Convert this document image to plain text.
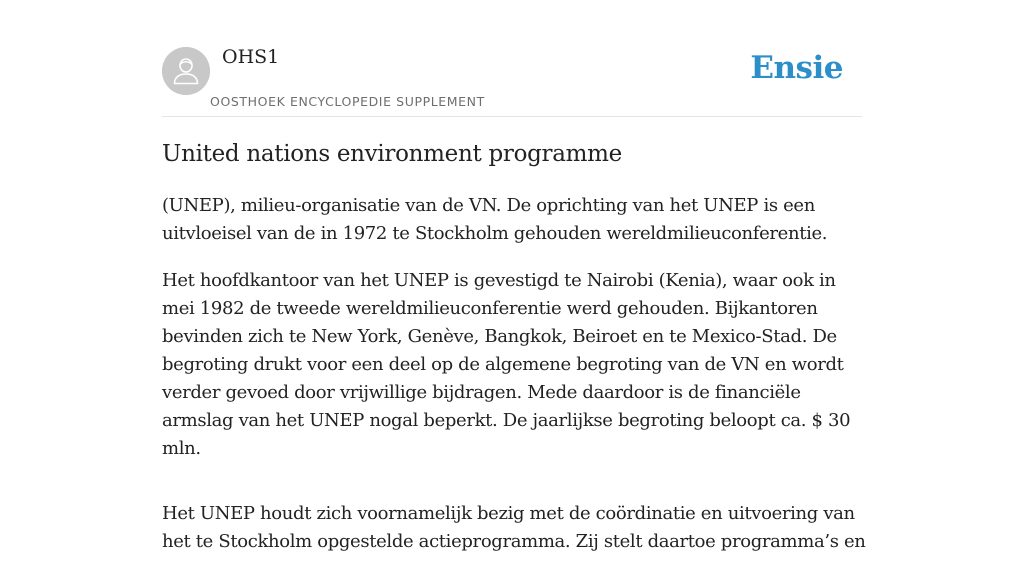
OHS1
OOSTHOEK ENCYCLOPEDIE SUPPLEMENT
Ensie
United nations environment programme

(UNEP), milieu-organisatie van de VN. De oprichting van het UNEP is een uitvloeisel van de in 1972 te Stockholm gehouden wereldmilieuconferentie.

Het hoofdkantoor van het UNEP is gevestigd te Nairobi (Kenia), waar ook in mei 1982 de tweede wereldmilieuconferentie werd gehouden. Bijkantoren bevinden zich te New York, Genève, Bangkok, Beiroet en te Mexico-Stad. De begroting drukt voor een deel op de algemene begroting van de VN en wordt verder gevoed door vrijwillige bijdragen. Mede daardoor is de financiële armslag van het UNEP nogal beperkt. De jaarlijkse begroting beloopt ca. $ 30 mln.

Het UNEP houdt zich voornamelijk bezig met de coördinatie en uitvoering van het te Stockholm opgestelde actieprogramma. Zij stelt daartoe programma’s en
